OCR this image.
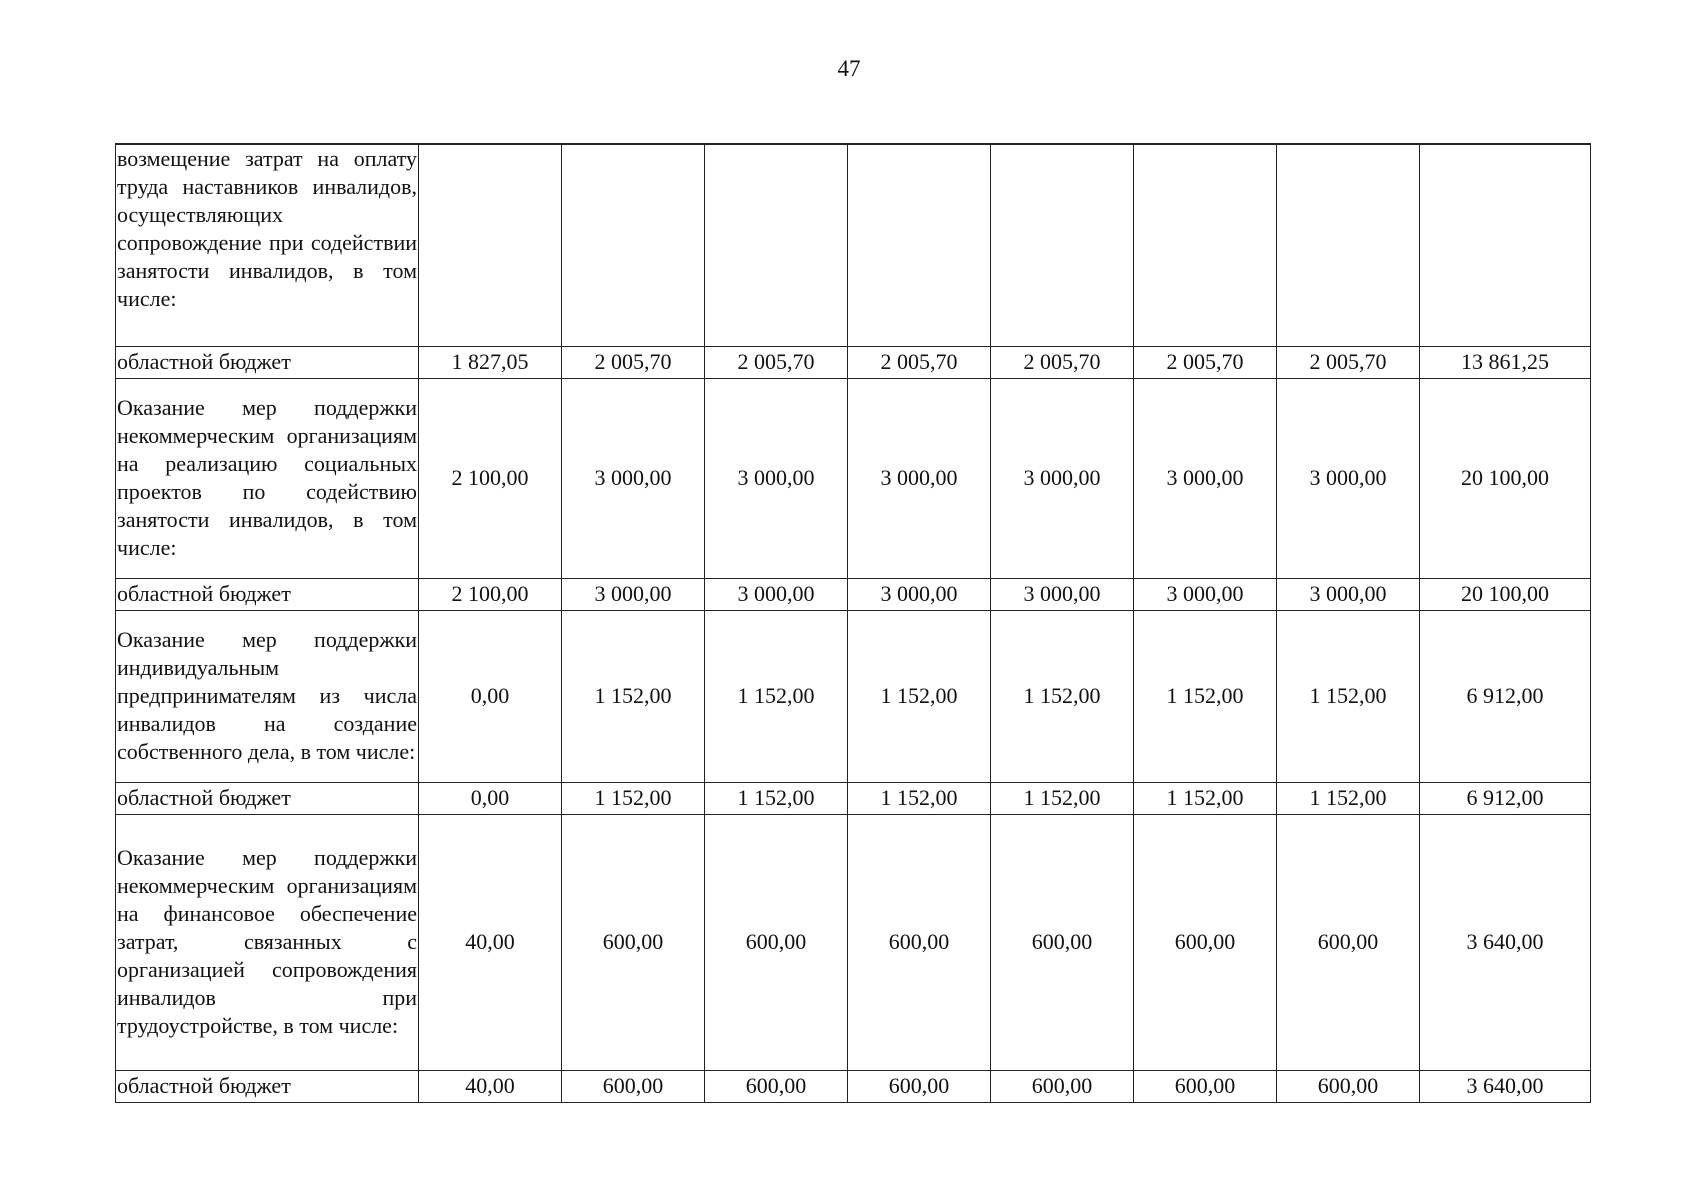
47
возмещение затрат на оплату труда наставников инвалидов, осуществляющих сопровождение при содействии занятости инвалидов, в том числе:								
областной бюджет	1 827,05	2 005,70	2 005,70	2 005,70	2 005,70	2 005,70	2 005,70	13 861,25
Оказание мер поддержки некоммерческим организациям на реализацию социальных проектов по содействию занятости инвалидов, в том числе:	2 100,00	3 000,00	3 000,00	3 000,00	3 000,00	3 000,00	3 000,00	20 100,00
областной бюджет	2 100,00	3 000,00	3 000,00	3 000,00	3 000,00	3 000,00	3 000,00	20 100,00
Оказание мер поддержки индивидуальным предпринимателям из числа инвалидов на создание собственного дела, в том числе:	0,00	1 152,00	1 152,00	1 152,00	1 152,00	1 152,00	1 152,00	6 912,00
областной бюджет	0,00	1 152,00	1 152,00	1 152,00	1 152,00	1 152,00	1 152,00	6 912,00
Оказание мер поддержки некоммерческим организациям на финансовое обеспечение затрат, связанных с организацией сопровождения инвалидов при трудоустройстве, в том числе:	40,00	600,00	600,00	600,00	600,00	600,00	600,00	3 640,00
областной бюджет	40,00	600,00	600,00	600,00	600,00	600,00	600,00	3 640,00
